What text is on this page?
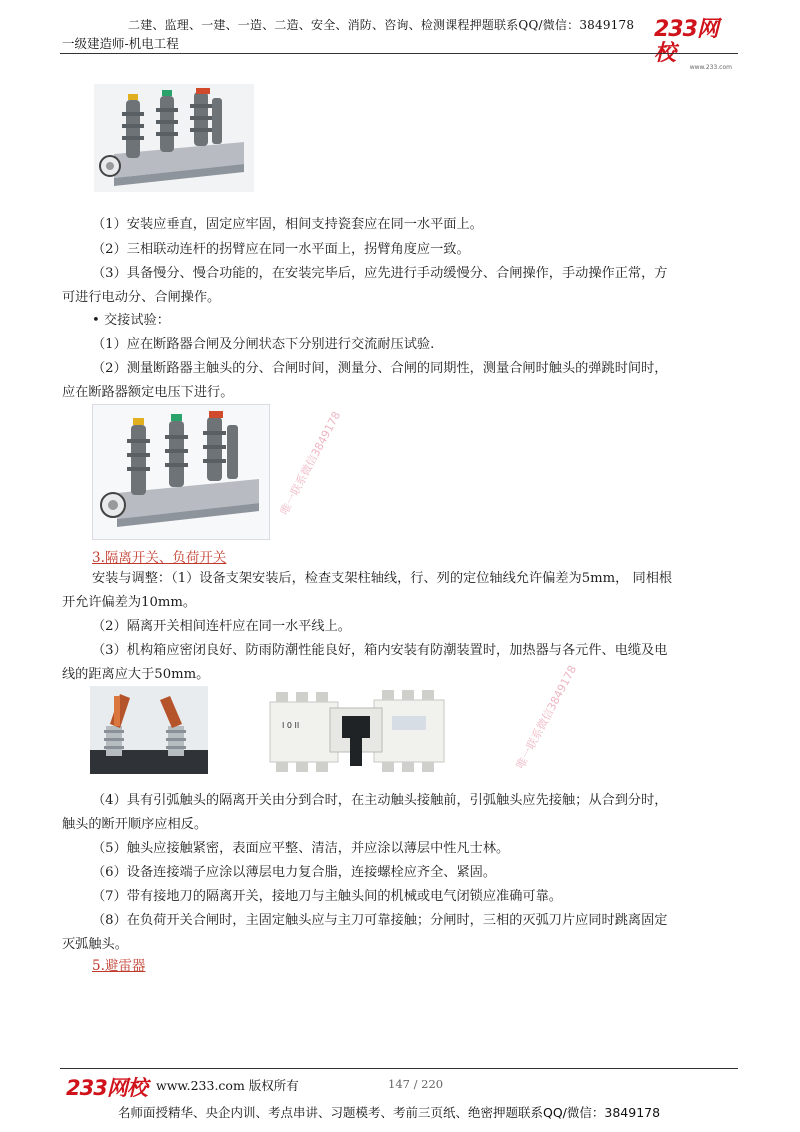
二建、监理、一建、一造、二造、安全、消防、咨询、检测课程押题联系QQ/微信：3849178
一级建造师-机电工程
233网校
www.233.com
（1）安装应垂直，固定应牢固，相间支持瓷套应在同一水平面上。
（2）三相联动连杆的拐臂应在同一水平面上，拐臂角度应一致。
（3）具备慢分、慢合功能的，在安装完毕后，应先进行手动缓慢分、合闸操作，手动操作正常，方
可进行电动分、合闸操作。
• 交接试验：
（1）应在断路器合闸及分闸状态下分别进行交流耐压试验.
（2）测量断路器主触头的分、合闸时间，测量分、合闸的同期性，测量合闸时触头的弹跳时间时，
应在断路器额定电压下进行。
3.隔离开关、负荷开关
安装与调整：（1）设备支架安装后，检查支架柱轴线，行、列的定位轴线允许偏差为5mm， 同相根
开允许偏差为10mm。
（2）隔离开关相间连杆应在同一水平线上。
（3）机构箱应密闭良好、防雨防潮性能良好，箱内安装有防潮装置时，加热器与各元件、电缆及电
线的距离应大于50mm。
I 0 II
（4）具有引弧触头的隔离开关由分到合时，在主动触头接触前，引弧触头应先接触；从合到分时，
触头的断开顺序应相反。
（5）触头应接触紧密，表面应平整、清洁，并应涂以薄层中性凡士林。
（6）设备连接端子应涂以薄层电力复合脂，连接螺栓应齐全、紧固。
（7）带有接地刀的隔离开关，接地刀与主触头间的机械或电气闭锁应准确可靠。
（8）在负荷开关合闸时，主固定触头应与主刀可靠接触；分闸时，三相的灭弧刀片应同时跳离固定
灭弧触头。
5.避雷器
唯一联系微信3849178
唯一联系微信3849178
233网校 www.233.com 版权所有	147 / 220
名师面授精华、央企内训、考点串讲、习题模考、考前三页纸、绝密押题联系QQ/微信：3849178
